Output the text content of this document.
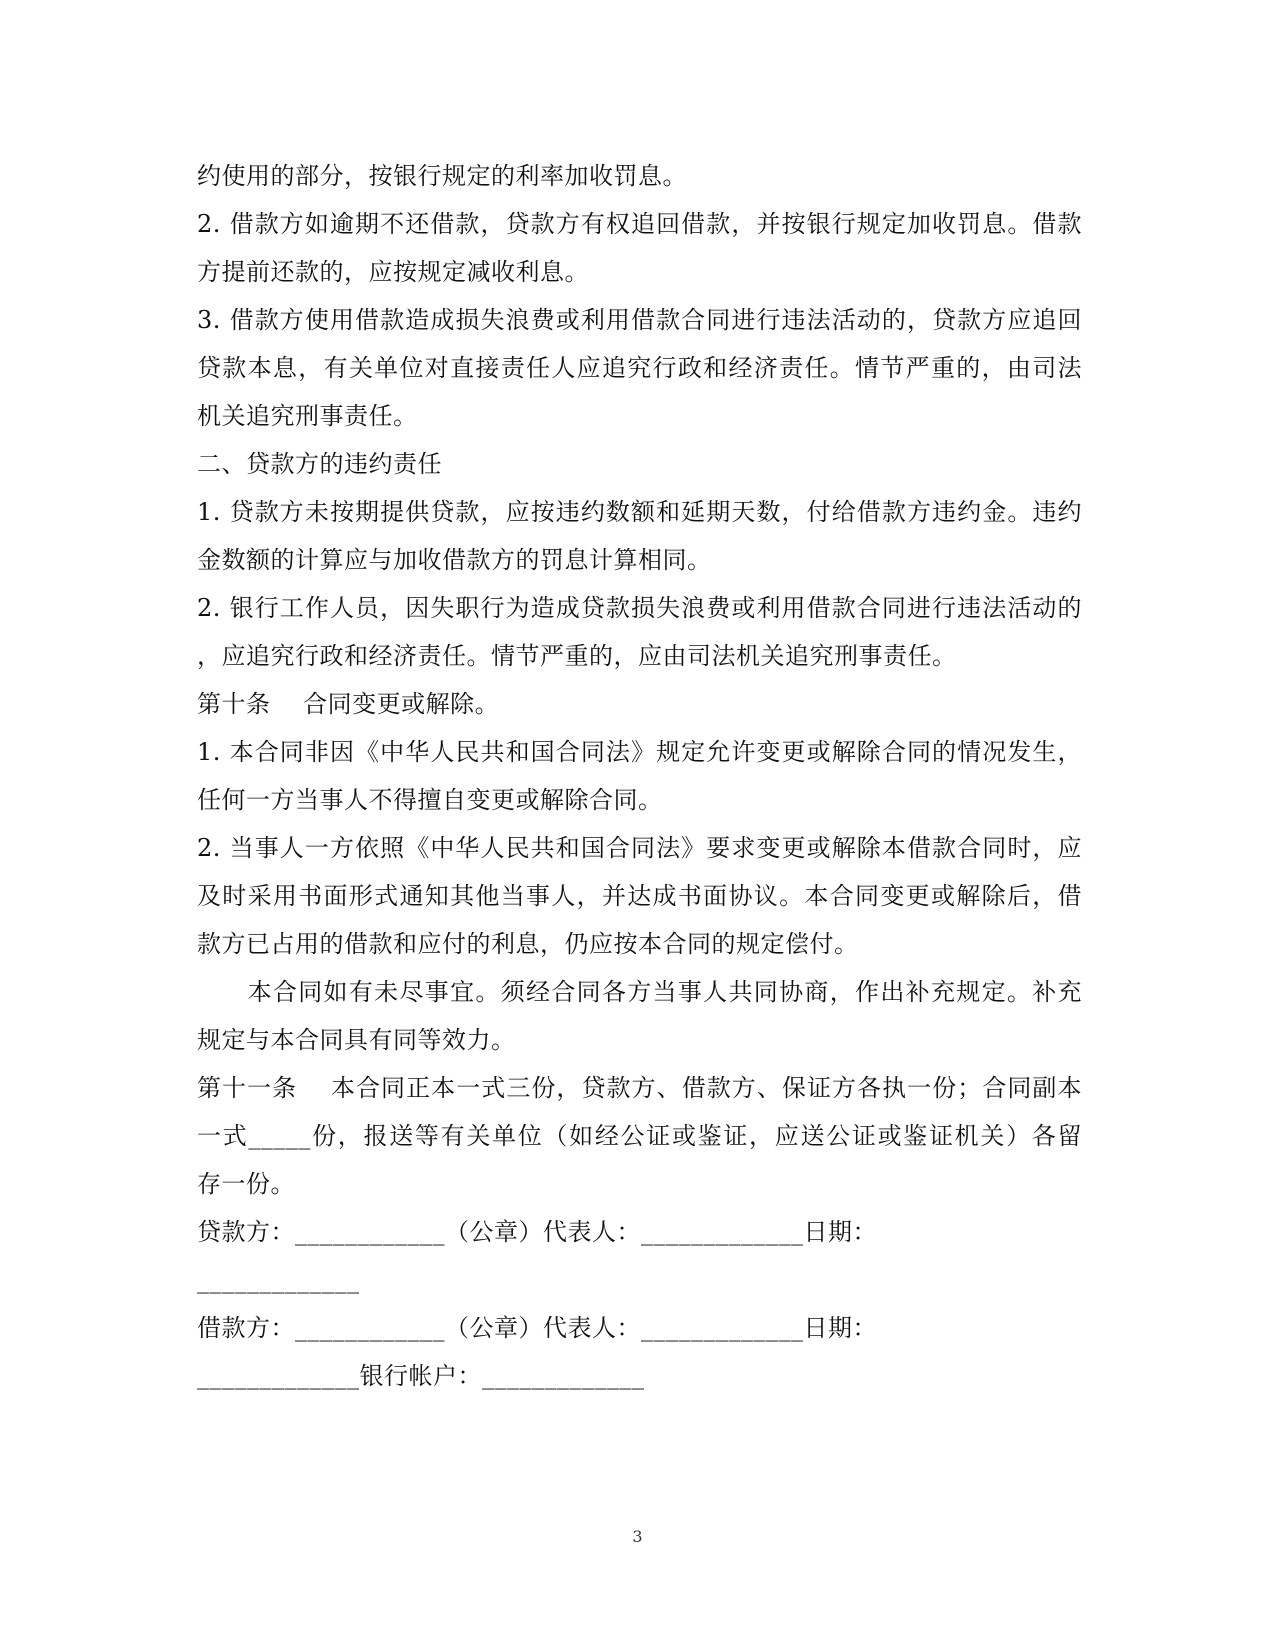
约使用的部分，按银行规定的利率加收罚息。
2. 借款方如逾期不还借款，贷款方有权追回借款，并按银行规定加收罚息。借款
方提前还款的，应按规定减收利息。
3. 借款方使用借款造成损失浪费或利用借款合同进行违法活动的，贷款方应追回
贷款本息，有关单位对直接责任人应追究行政和经济责任。情节严重的，由司法
机关追究刑事责任。
二、贷款方的违约责任
1. 贷款方未按期提供贷款，应按违约数额和延期天数，付给借款方违约金。违约
金数额的计算应与加收借款方的罚息计算相同。
2. 银行工作人员，因失职行为造成贷款损失浪费或利用借款合同进行违法活动的
，应追究行政和经济责任。情节严重的，应由司法机关追究刑事责任。
第十条　 合同变更或解除。
1. 本合同非因《中华人民共和国合同法》规定允许变更或解除合同的情况发生，
任何一方当事人不得擅自变更或解除合同。
2. 当事人一方依照《中华人民共和国合同法》要求变更或解除本借款合同时，应
及时采用书面形式通知其他当事人，并达成书面协议。本合同变更或解除后，借
款方已占用的借款和应付的利息，仍应按本合同的规定偿付。
　　本合同如有未尽事宜。须经合同各方当事人共同协商，作出补充规定。补充
规定与本合同具有同等效力。
第十一条　 本合同正本一式三份，贷款方、借款方、保证方各执一份；合同副本
一式_____份，报送等有关单位（如经公证或鉴证，应送公证或鉴证机关）各留
存一份。
贷款方：____________（公章）代表人：_____________日期：
_____________
借款方：____________（公章）代表人：_____________日期：
_____________银行帐户：_____________
3
